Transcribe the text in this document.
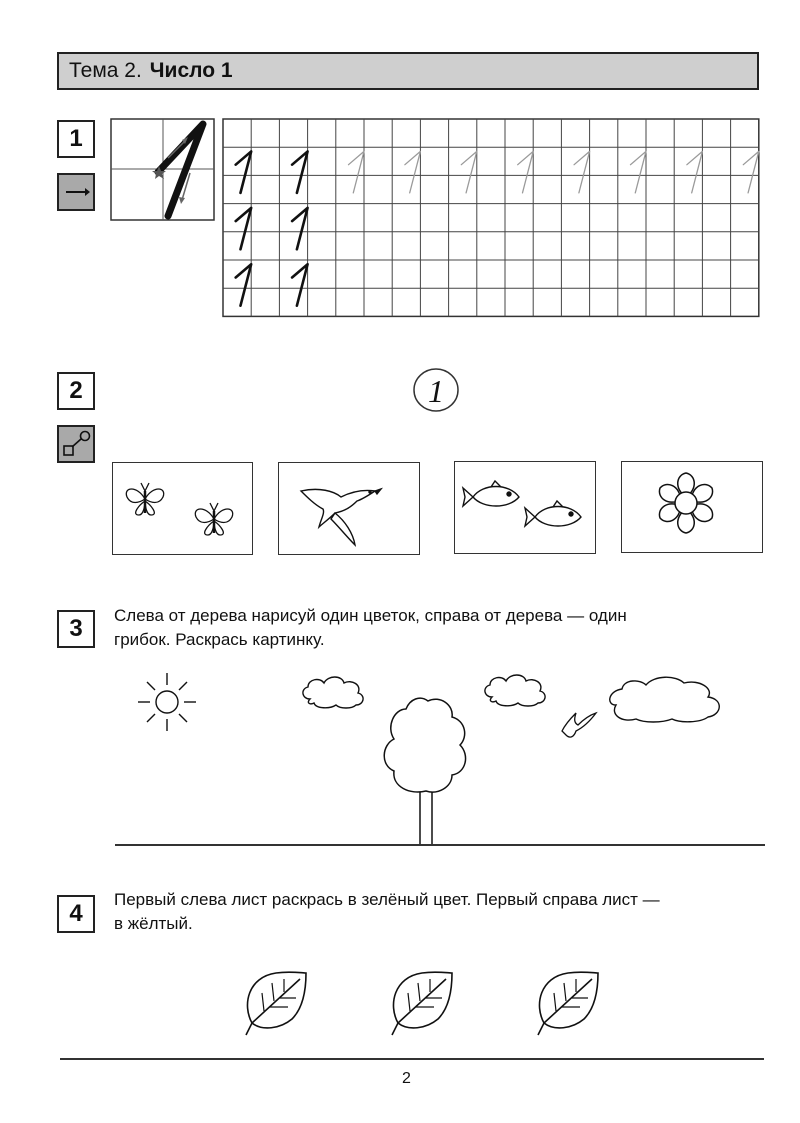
Тема 2. Число 1
1
2	1
3	Слева от дерева нарисуй один цветок, справа от дерева — один
грибок. Раскрась картинку.
4
Первый слева лист раскрась в зелёный цвет. Первый справа лист —
в жёлтый.
2
